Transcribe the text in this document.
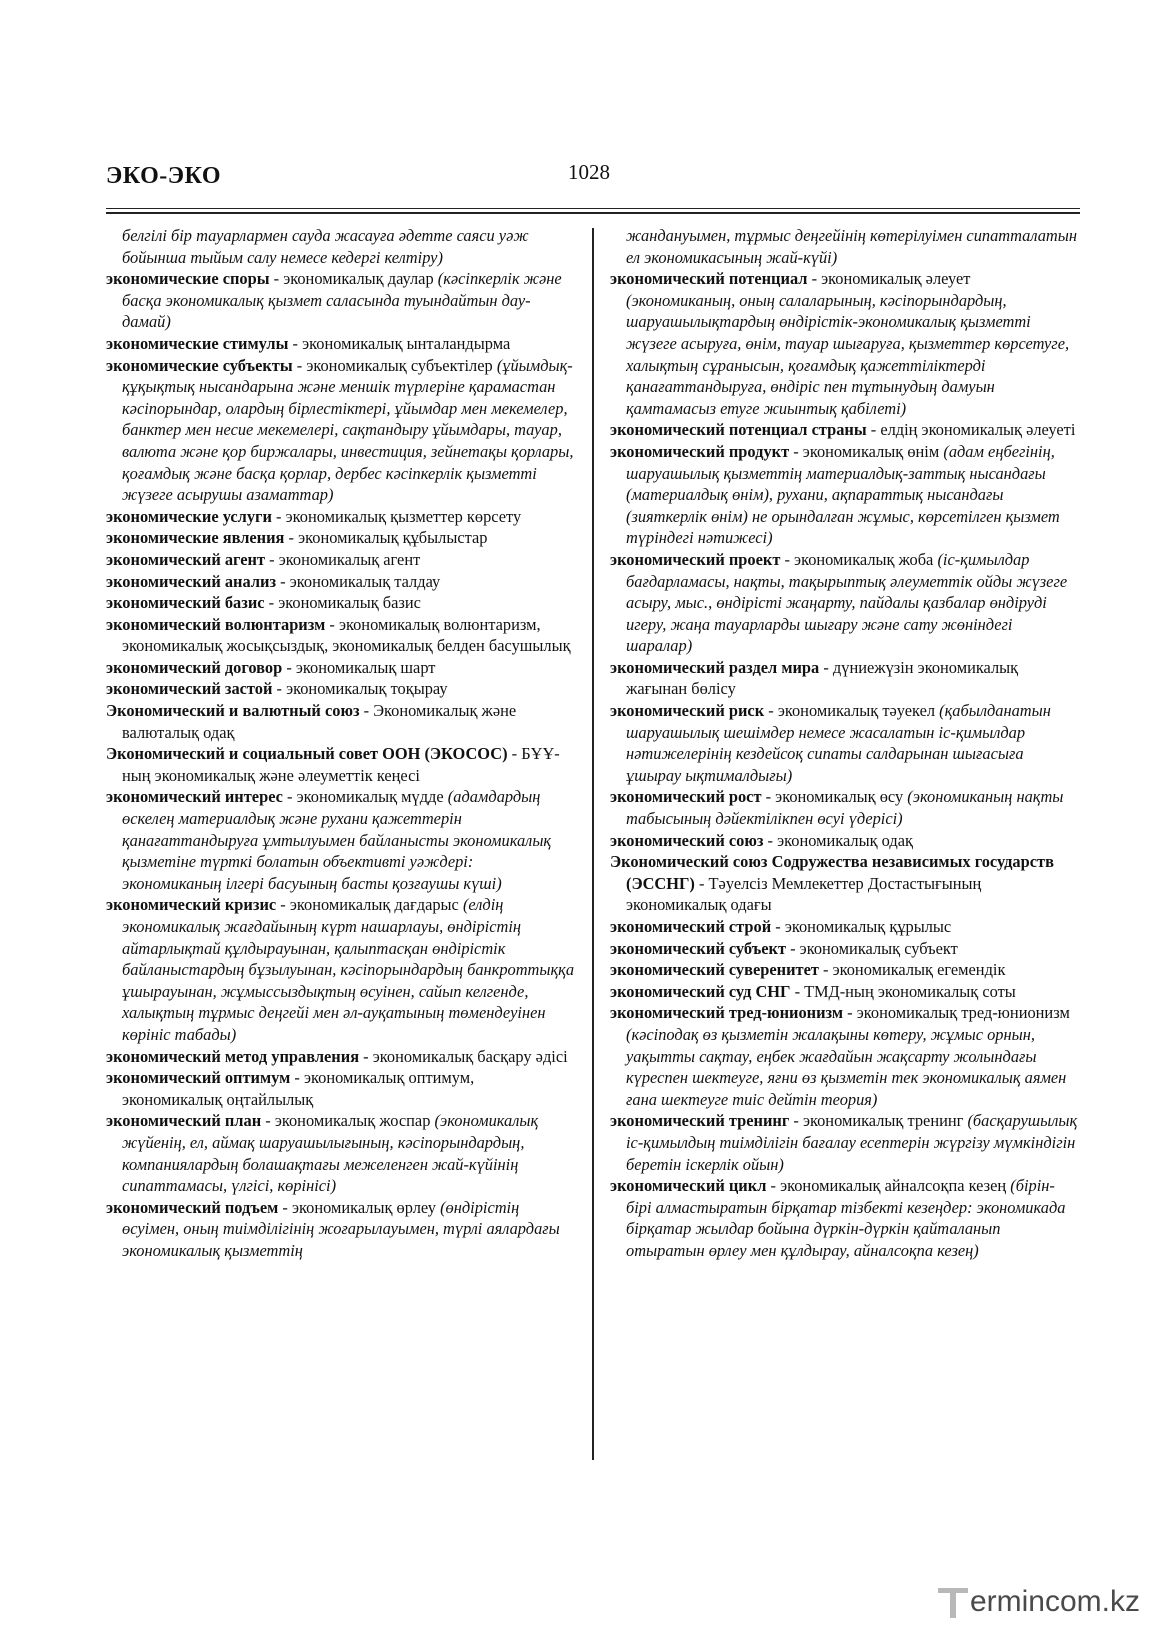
ЭКО-ЭКО	1028
белгілі бір тауарлармен сауда жасауға әдетте саяси уәж бойынша тыйым салу немесе кедергі келтіру)
экономические споры - экономикалық даулар (кәсіпкерлік және басқа экономикалық қызмет саласында туындайтын дау-дамай)
экономические стимулы - экономикалық ынталандырма
экономические субъекты - экономикалық субъектілер (ұйымдық-құқықтық нысандарына және меншік түрлеріне қарамастан кәсіпорындар, олардың бірлестіктері, ұйымдар мен мекемелер, банктер мен несие мекемелері, сақтандыру ұйымдары, тауар, валюта және қор биржалары, инвестиция, зейнетақы қорлары, қоғамдық және басқа қорлар, дербес кәсіпкерлік қызметті жүзеге асырушы азаматтар)
экономические услуги - экономикалық қызметтер көрсету
экономические явления - экономикалық құбылыстар
экономический агент - экономикалық агент
экономический анализ - экономикалық талдау
экономический базис - экономикалық базис
экономический волюнтаризм - экономикалық волюнтаризм, экономикалық жосықсыздық, экономикалық белден басушылық
экономический договор - экономикалық шарт
экономический застой - экономикалық тоқырау
Экономический и валютный союз - Экономикалық және валюталық одақ
Экономический и социальный совет ООН (ЭКОСОС) - БҰҰ-ның экономикалық және әлеуметтік кеңесі
экономический интерес - экономикалық мүдде (адамдардың өскелең материалдық және рухани қажеттерін қанағаттандыруға ұмтылуымен байланысты экономикалық қызметіне түрткі болатын объективті уәждері: экономиканың ілгері басуының басты қозғаушы күші)
экономический кризис - экономикалық дағдарыс (елдің экономикалық жағдайының күрт нашарлауы, өндірістің айтарлықтай құлдырауынан, қалыптасқан өндірістік байланыстардың бұзылуынан, кәсіпорындардың банкроттыққа ұшырауынан, жұмыссыздықтың өсуінен, сайып келгенде, халықтың тұрмыс деңгейі мен әл-ауқатының төмендеуінен көрініс табады)
экономический метод управления - экономикалық басқару әдісі
экономический оптимум - экономикалық оптимум, экономикалық оңтайлылық
экономический план - экономикалық жоспар (экономикалық жүйенің, ел, аймақ шаруашылығының, кәсіпорындардың, компаниялардың болашақтағы межеленген жай-күйінің сипаттамасы, үлгісі, көрінісі)
экономический подъем - экономикалық өрлеу (өндірістің өсуімен, оның тиімділігінің жоғарылауымен, түрлі аялардағы экономикалық қызметтің
жандануымен, тұрмыс деңгейінің көтерілуімен сипатталатын ел экономикасының жай-күйі)
экономический потенциал - экономикалық әлеует (экономиканың, оның салаларының, кәсіпорындардың, шаруашылықтардың өндірістік-экономикалық қызметті жүзеге асыруға, өнім, тауар шығаруға, қызметтер көрсетуге, халықтың сұранысын, қоғамдық қажеттіліктерді қанағаттандыруға, өндіріс пен тұтынудың дамуын қамтамасыз етуге жиынтық қабілеті)
экономический потенциал страны - елдің экономикалық әлеуеті
экономический продукт - экономикалық өнім (адам еңбегінің, шаруашылық қызметтің материалдық-заттық нысандағы (материалдық өнім), рухани, ақпараттық нысандағы (зияткерлік өнім) не орындалған жұмыс, көрсетілген қызмет түріндегі нәтижесі)
экономический проект - экономикалық жоба (іс-қимылдар бағдарламасы, нақты, тақырыптық әлеуметтік ойды жүзеге асыру, мыс., өндірісті жаңарту, пайдалы қазбалар өндіруді игеру, жаңа тауарларды шығару және сату жөніндегі шаралар)
экономический раздел мира - дүниежүзін экономикалық жағынан бөлісу
экономический риск - экономикалық тәуекел (қабылданатын шаруашылық шешімдер немесе жасалатын іс-қимылдар нәтижелерінің кездейсоқ сипаты салдарынан шығасыға ұшырау ықтималдығы)
экономический рост - экономикалық өсу (экономиканың нақты табысының дәйектілікпен өсуі үдерісі)
экономический союз - экономикалық одақ
Экономический союз Содружества независимых государств (ЭССНГ) - Тәуелсіз Мемлекеттер Достастығының экономикалық одағы
экономический строй - экономикалық құрылыс
экономический субъект - экономикалық субъект
экономический суверенитет - экономикалық егемендік
экономический суд СНГ - ТМД-ның экономикалық соты
экономический тред-юнионизм - экономикалық тред-юнионизм (кәсіподақ өз қызметін жалақыны көтеру, жұмыс орнын, уақытты сақтау, еңбек жағдайын жақсарту жолындағы күреспен шектеуге, яғни өз қызметін тек экономикалық аямен ғана шектеуге тиіс дейтін теория)
экономический тренинг - экономикалық тренинг (басқарушылық іс-қимылдың тиімділігін бағалау есептерін жүргізу мүмкіндігін беретін іскерлік ойын)
экономический цикл - экономикалық айналсоқпа кезең (бірін-бірі алмастыратын бірқатар тізбекті кезеңдер: экономикада бірқатар жылдар бойына дүркін-дүркін қайталанып отыратын өрлеу мен құлдырау, айналсоқпа кезең)
ermincom.kz
